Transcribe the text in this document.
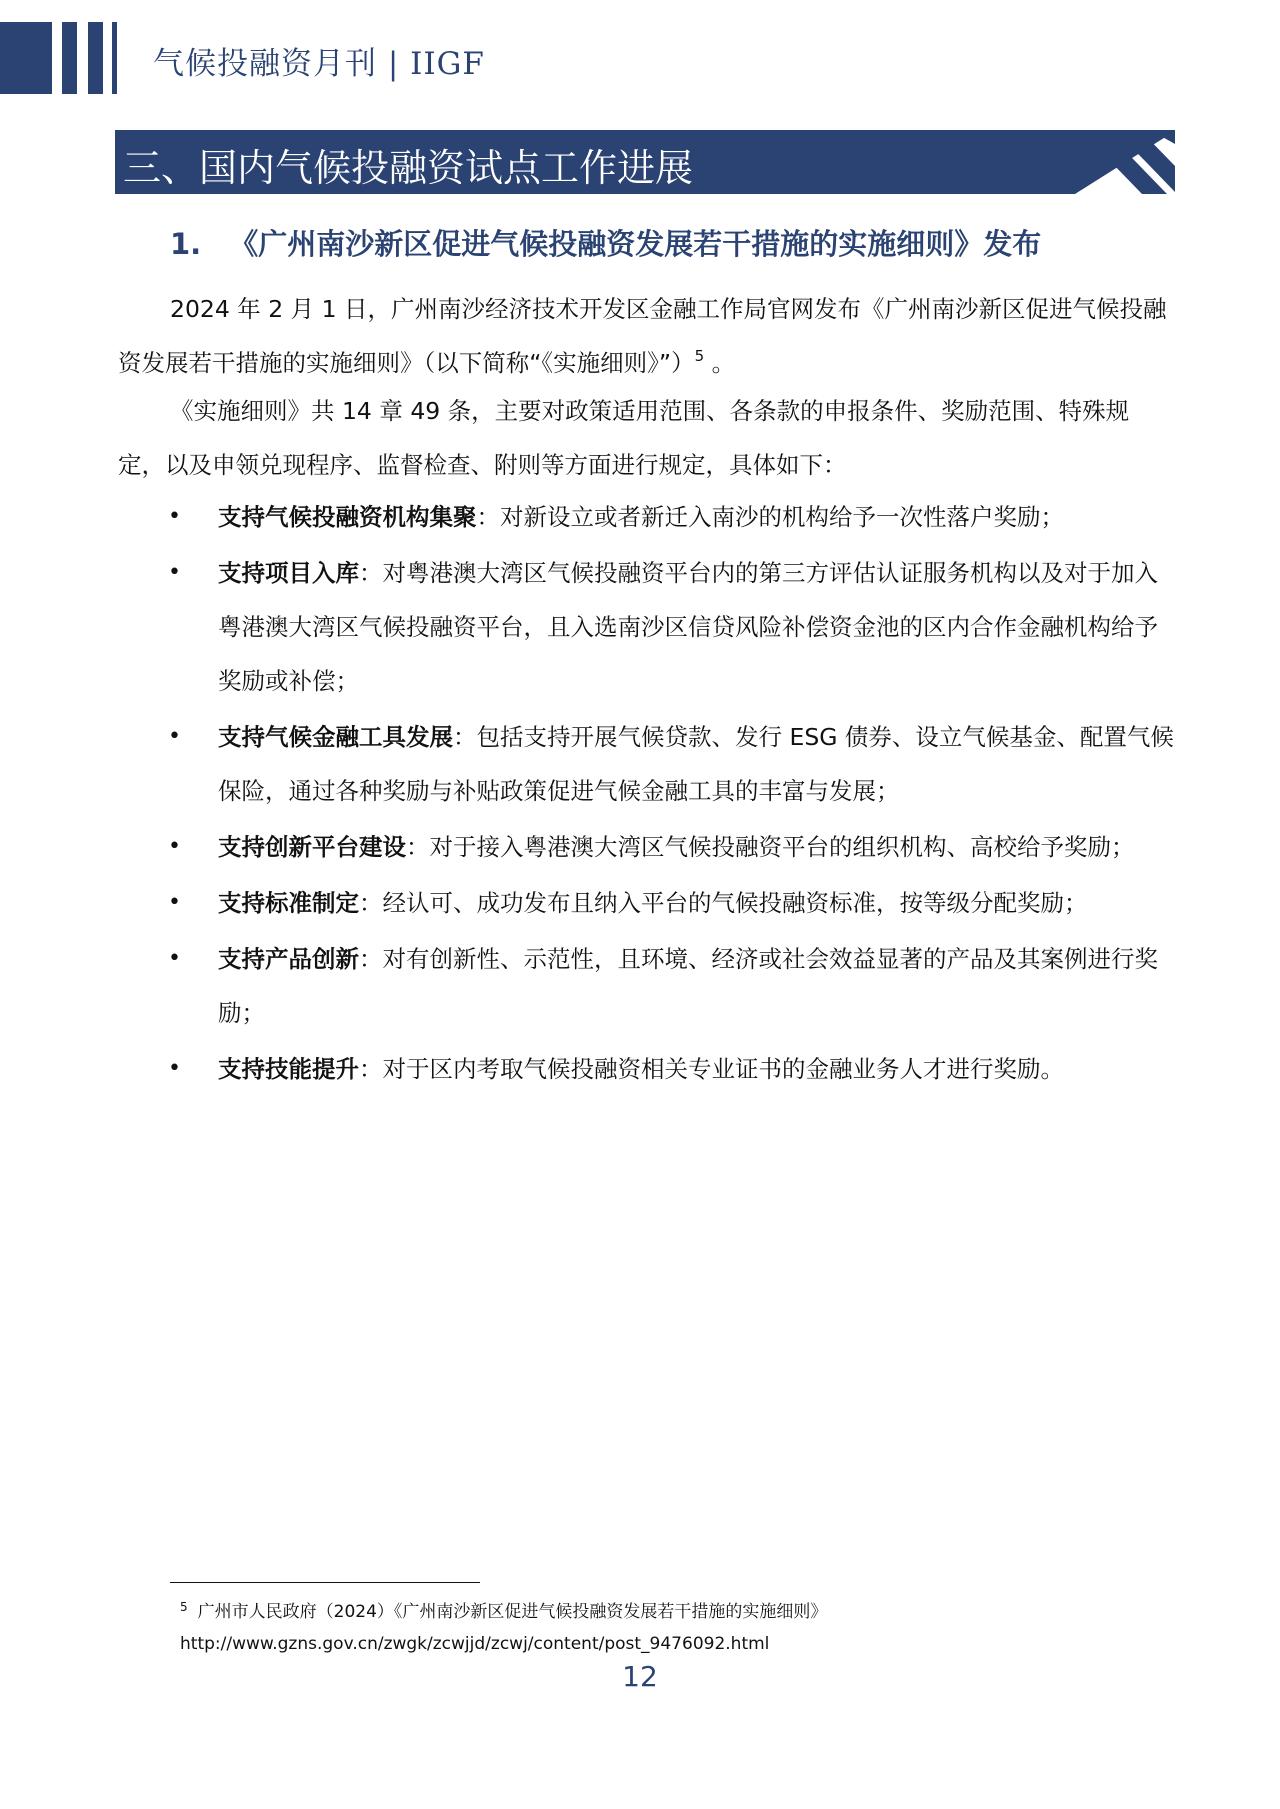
气候投融资月刊 | IIGF
三、国内气候投融资试点工作进展
1. 《广州南沙新区促进气候投融资发展若干措施的实施细则》发布

2024 年 2 月 1 日，广州南沙经济技术开发区金融工作局官网发布《广州南沙新区促进气候投融资发展若干措施的实施细则》（以下简称“《实施细则》”）$^5$ 。

《实施细则》共 14 章 49 条，主要对政策适用范围、各条款的申报条件、奖励范围、特殊规定，以及申领兑现程序、监督检查、附则等方面进行规定，具体如下：

• 支持气候投融资机构集聚：对新设立或者新迁入南沙的机构给予一次性落户奖励；
• 支持项目入库：对粤港澳大湾区气候投融资平台内的第三方评估认证服务机构以及对于加入粤港澳大湾区气候投融资平台，且入选南沙区信贷风险补偿资金池的区内合作金融机构给予奖励或补偿；
• 支持气候金融工具发展：包括支持开展气候贷款、发行 ESG 债券、设立气候基金、配置气候保险，通过各种奖励与补贴政策促进气候金融工具的丰富与发展；
• 支持创新平台建设：对于接入粤港澳大湾区气候投融资平台的组织机构、高校给予奖励；
• 支持标准制定：经认可、成功发布且纳入平台的气候投融资标准，按等级分配奖励；
• 支持产品创新：对有创新性、示范性，且环境、经济或社会效益显著的产品及其案例进行奖励；
• 支持技能提升：对于区内考取气候投融资相关专业证书的金融业务人才进行奖励。
$^5$ 广州市人民政府（2024）《广州南沙新区促进气候投融资发展若干措施的实施细则》
http://www.gzns.gov.cn/zwgk/zcwjjd/zcwj/content/post_9476092.html
12
